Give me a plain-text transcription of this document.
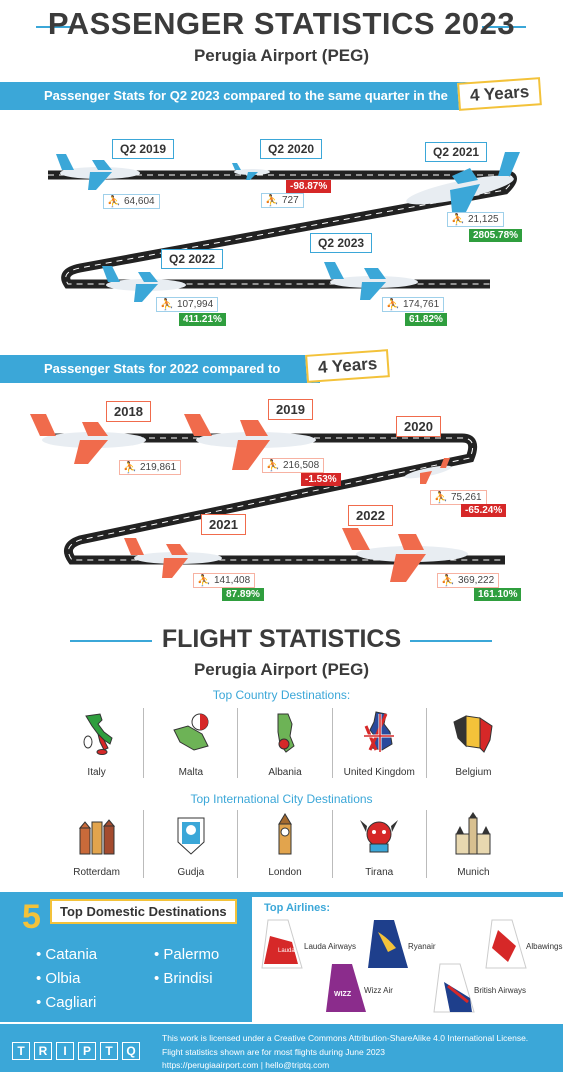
PASSENGER STATISTICS 2023
Perugia Airport (PEG)
Passenger Stats for Q2 2023 compared to the same quarter in the previous
4 Years
Q2 2019
⛹ 64,604
Q2 2020
-98.87%
⛹ 727
Q2 2021
⛹ 21,125
2805.78%
Q2 2022
⛹ 107,994
411.21%
Q2 2023
⛹ 174,761
61.82%
Passenger Stats for 2022 compared to previous
4 Years
2018
⛹ 219,861
2019
⛹ 216,508
-1.53%
2020
⛹ 75,261
-65.24%
2021
⛹ 141,408
87.89%
2022
⛹ 369,222
161.10%
FLIGHT STATISTICS
Perugia Airport (PEG)
Top Country Destinations:
Italy	Malta	Albania	United Kingdom	Belgium
Top International City Destinations
Rotterdam	Gudja	London	Tirana	Munich
5	Top Domestic Destinations
• Catania	• Palermo
• Olbia	• Brindisi
• Cagliari
Top Airlines:
Lauda Lauda Airways	Ryanair	Albawings
WIZZ Wizz Air	British Airways
T	R	I	P	T	Q
This work is licensed under a Creative Commons Attribution-ShareAlike 4.0 International License.
Flight statistics shown are for most flights during June 2023
https://perugiaairport.com | hello@triptq.com
